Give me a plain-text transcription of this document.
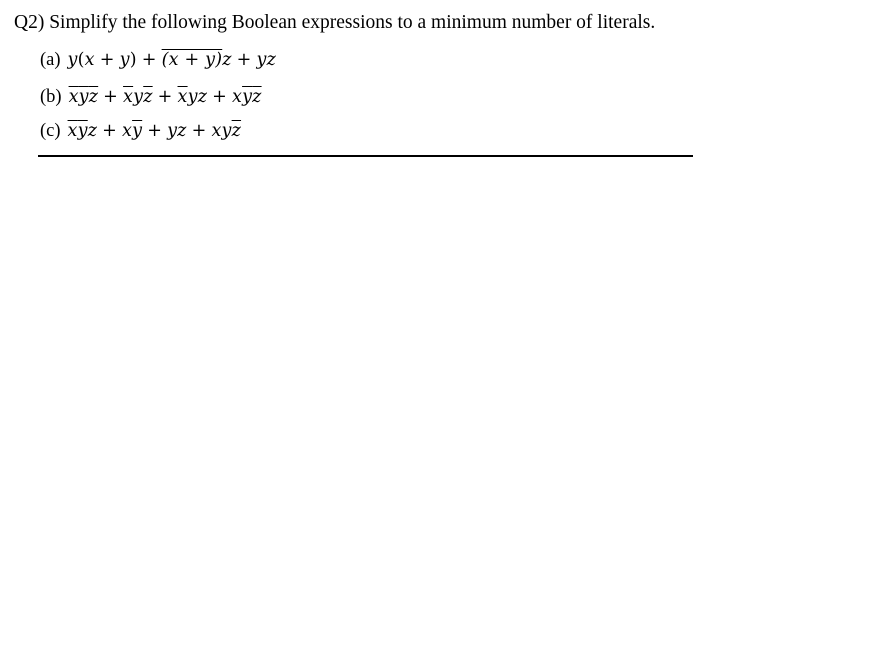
Q2) Simplify the following Boolean expressions to a minimum number of literals.
(a) y(x + y) + (x + y)z + yz
(b) $\overline{x}\overline{y}\overline{z} + \overline{x}y\overline{z} + \overline{x}yz + x\overline{y}\overline{z}$
(c) $\overline{x}\overline{y}z + x\overline{y}$ + yz + $xy\overline{z}$
